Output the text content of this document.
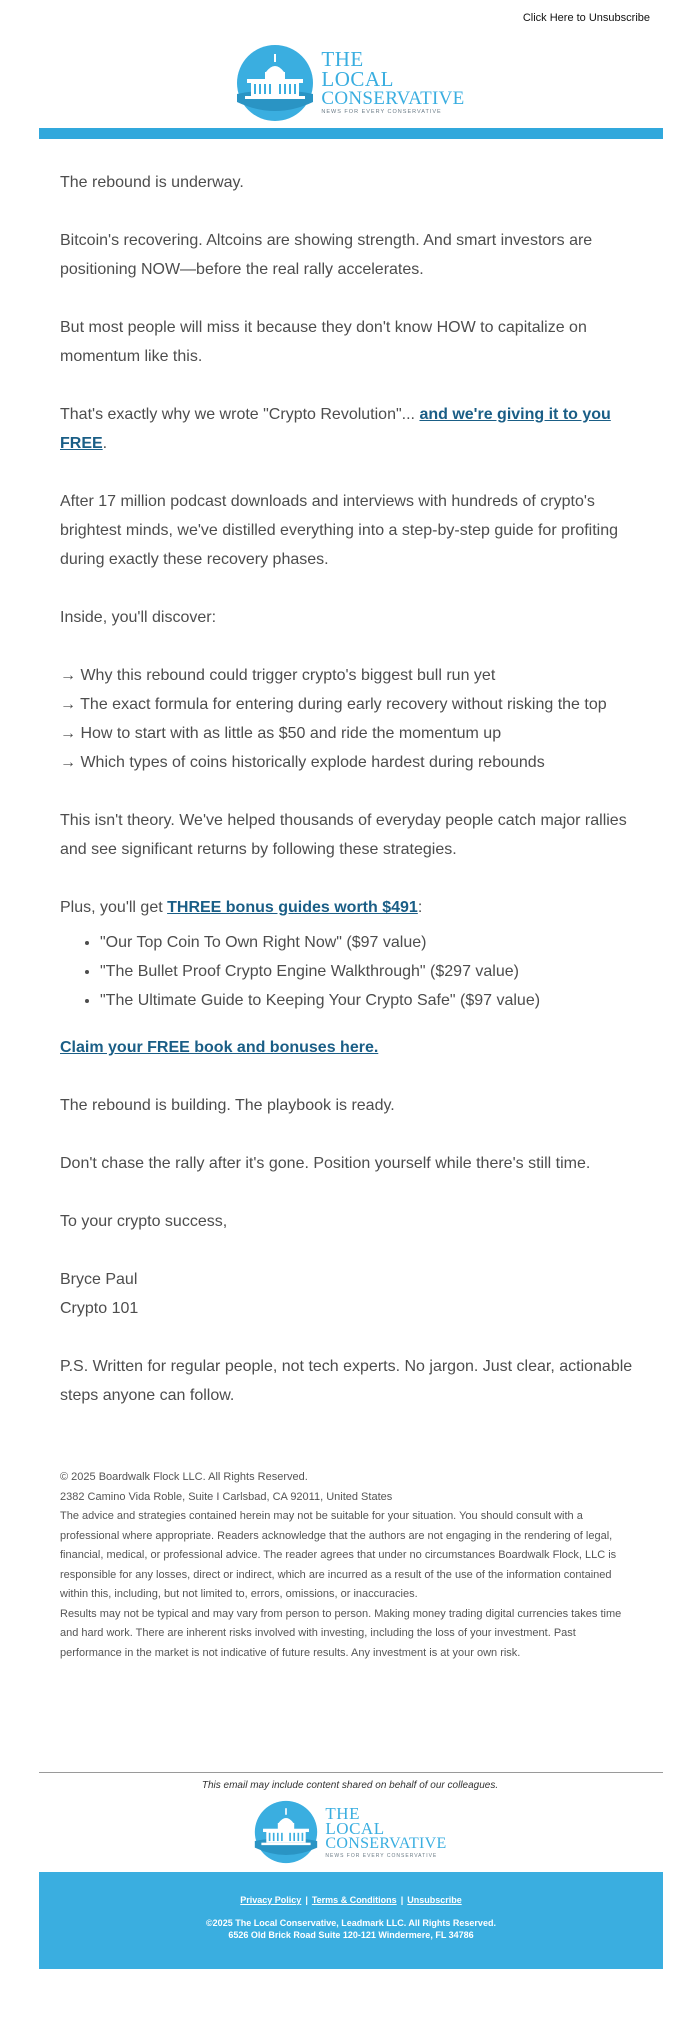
Click Here to Unsubscribe
THE
LOCAL
CONSERVATIVE
NEWS FOR EVERY CONSERVATIVE

The rebound is underway.

Bitcoin's recovering. Altcoins are showing strength. And smart investors are positioning NOW—before the real rally accelerates.

But most people will miss it because they don't know HOW to capitalize on momentum like this.

That's exactly why we wrote "Crypto Revolution"... and we're giving it to you FREE.

After 17 million podcast downloads and interviews with hundreds of crypto's brightest minds, we've distilled everything into a step-by-step guide for profiting during exactly these recovery phases.

Inside, you'll discover:

→ Why this rebound could trigger crypto's biggest bull run yet
→ The exact formula for entering during early recovery without risking the top
→ How to start with as little as $50 and ride the momentum up
→ Which types of coins historically explode hardest during rebounds

This isn't theory. We've helped thousands of everyday people catch major rallies and see significant returns by following these strategies.

Plus, you'll get THREE bonus guides worth $491:

• "Our Top Coin To Own Right Now" ($97 value)
• "The Bullet Proof Crypto Engine Walkthrough" ($297 value)
• "The Ultimate Guide to Keeping Your Crypto Safe" ($97 value)

Claim your FREE book and bonuses here.

The rebound is building. The playbook is ready.

Don't chase the rally after it's gone. Position yourself while there's still time.

To your crypto success,

Bryce Paul
Crypto 101

P.S. Written for regular people, not tech experts. No jargon. Just clear, actionable steps anyone can follow.

© 2025 Boardwalk Flock LLC. All Rights Reserved.

2382 Camino Vida Roble, Suite I Carlsbad, CA 92011, United States

The advice and strategies contained herein may not be suitable for your situation. You should consult with a professional where appropriate. Readers acknowledge that the authors are not engaging in the rendering of legal, financial, medical, or professional advice. The reader agrees that under no circumstances Boardwalk Flock, LLC is responsible for any losses, direct or indirect, which are incurred as a result of the use of the information contained within this, including, but not limited to, errors, omissions, or inaccuracies.

Results may not be typical and may vary from person to person. Making money trading digital currencies takes time and hard work. There are inherent risks involved with investing, including the loss of your investment. Past performance in the market is not indicative of future results. Any investment is at your own risk.

This email may include content shared on behalf of our colleagues.
THE
LOCAL
CONSERVATIVE
NEWS FOR EVERY CONSERVATIVE
Privacy Policy | Terms & Conditions | Unsubscribe
©2025 The Local Conservative, Leadmark LLC. All Rights Reserved.
6526 Old Brick Road Suite 120-121 Windermere, FL 34786
